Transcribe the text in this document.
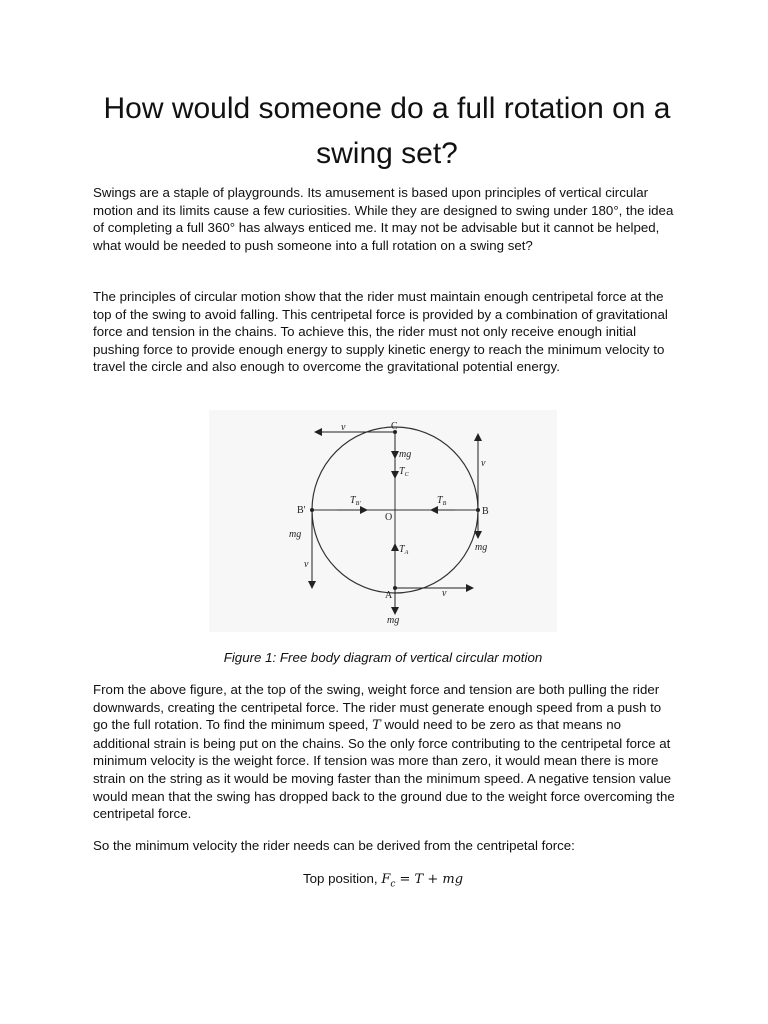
How would someone do a full rotation on a swing set?

Swings are a staple of playgrounds. Its amusement is based upon principles of vertical circular motion and its limits cause a few curiosities. While they are designed to swing under 180°, the idea of completing a full 360° has always enticed me. It may not be advisable but it cannot be helped, what would be needed to push someone into a full rotation on a swing set?

The principles of circular motion show that the rider must maintain enough centripetal force at the top of the swing to avoid falling. This centripetal force is provided by a combination of gravitational force and tension in the chains. To achieve this, the rider must not only receive enough initial pushing force to provide enough energy to supply kinetic energy to reach the minimum velocity to travel the circle and also enough to overcome the gravitational potential energy.

C
B'	B
O
A
v
mg
$T_C$
$T_{B'}$	$T_B$
v
mg
mg
v
$T_A$
v
mg

Figure 1: Free body diagram of vertical circular motion

From the above figure, at the top of the swing, weight force and tension are both pulling the rider downwards, creating the centripetal force. The rider must generate enough speed from a push to go the full rotation. To find the minimum speed, T would need to be zero as that means no additional strain is being put on the chains. So the only force contributing to the centripetal force at minimum velocity is the weight force. If tension was more than zero, it would mean there is more strain on the string as it would be moving faster than the minimum speed. A negative tension value would mean that the swing has dropped back to the ground due to the weight force overcoming the centripetal force.

So the minimum velocity the rider needs can be derived from the centripetal force:

Top position, $F_c = T$ + mg
